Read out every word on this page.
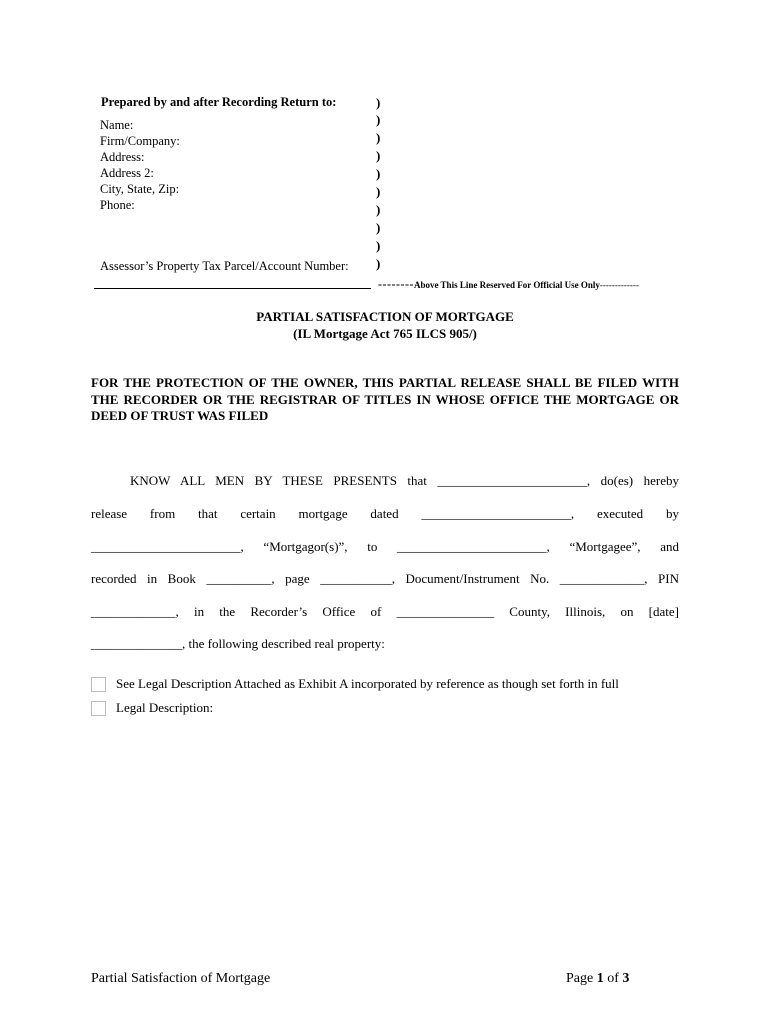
Prepared by and after Recording Return to:
Name:
Firm/Company:
Address:
Address 2:
City, State, Zip:
Phone:
Assessor’s Property Tax Parcel/Account Number:
)
)
)
)
)
)
)
)
)
)
--------Above This Line Reserved For Official Use Only-------------
PARTIAL SATISFACTION OF MORTGAGE
(IL Mortgage Act 765 ILCS 905/)
FOR THE PROTECTION OF THE OWNER, THIS PARTIAL RELEASE SHALL BE FILED WITH THE RECORDER OR THE REGISTRAR OF TITLES IN WHOSE OFFICE THE MORTGAGE OR DEED OF TRUST WAS FILED
KNOW ALL MEN BY THESE PRESENTS that _______________________, do(es) hereby
release from that certain mortgage dated _______________________, executed by
_______________________, “Mortgagor(s)”, to _______________________, “Mortgagee”, and
recorded in Book __________, page ___________, Document/Instrument No. _____________, PIN
_____________, in the Recorder’s Office of _______________ County, Illinois, on [date]
______________, the following described real property:
See Legal Description Attached as Exhibit A incorporated by reference as though set forth in full
Legal Description:
Partial Satisfaction of Mortgage	Page 1 of 3
